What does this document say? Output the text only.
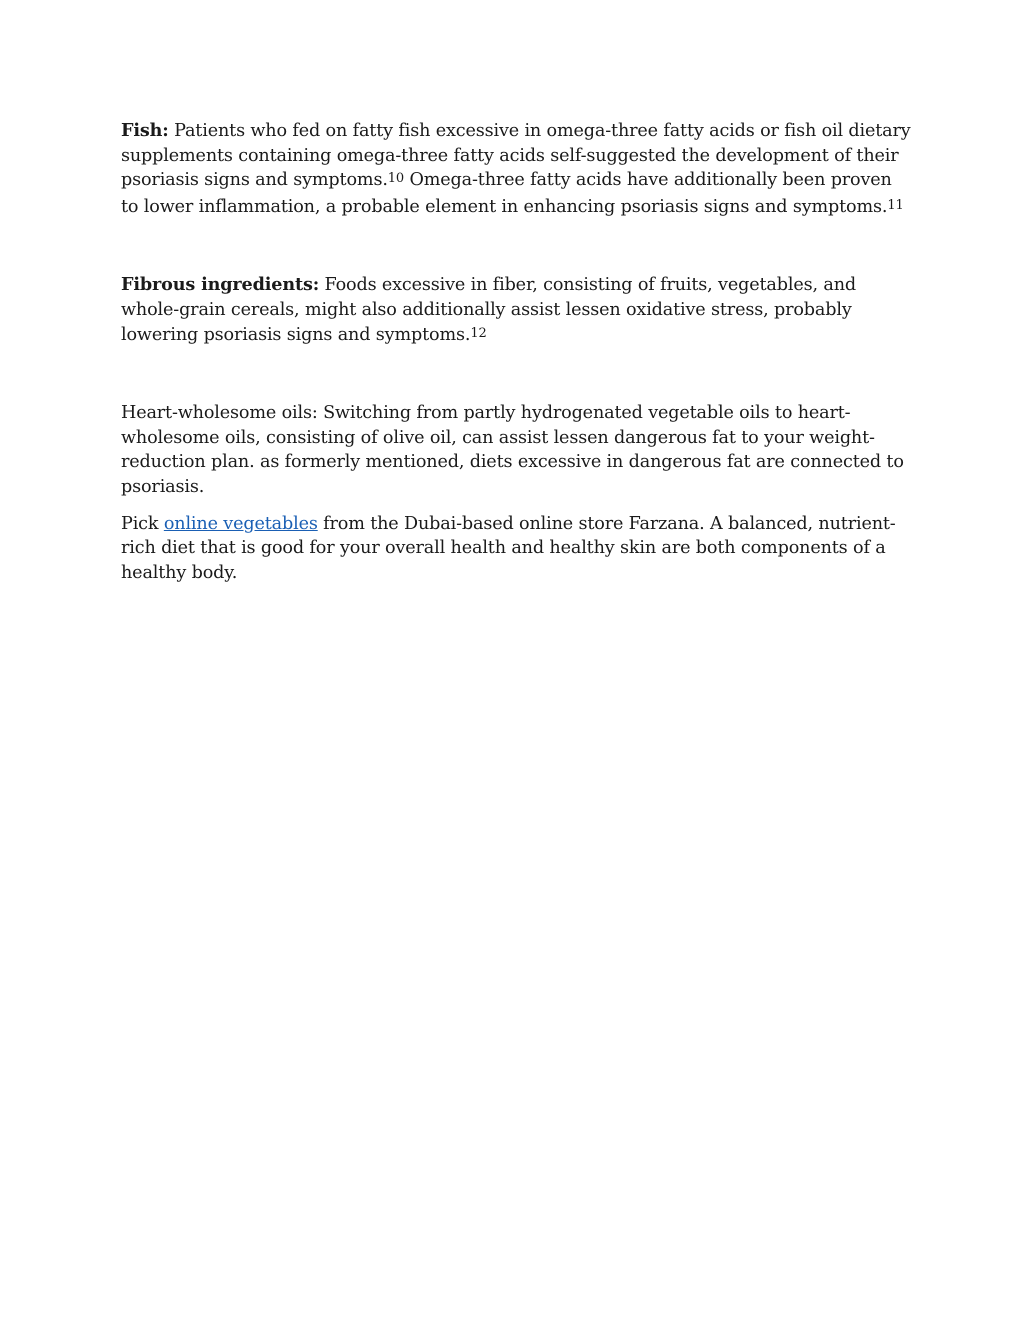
Fish: Patients who fed on fatty fish excessive in omega-three fatty acids or fish oil dietary supplements containing omega-three fatty acids self-suggested the development of their psoriasis signs and symptoms.10 Omega-three fatty acids have additionally been proven to lower inflammation, a probable element in enhancing psoriasis signs and symptoms.11

Fibrous ingredients: Foods excessive in fiber, consisting of fruits, vegetables, and whole-grain cereals, might also additionally assist lessen oxidative stress, probably lowering psoriasis signs and symptoms.12

Heart-wholesome oils: Switching from partly hydrogenated vegetable oils to heart-wholesome oils, consisting of olive oil, can assist lessen dangerous fat to your weight-reduction plan. as formerly mentioned, diets excessive in dangerous fat are connected to psoriasis.

Pick online vegetables from the Dubai-based online store Farzana. A balanced, nutrient-rich diet that is good for your overall health and healthy skin are both components of a healthy body.
